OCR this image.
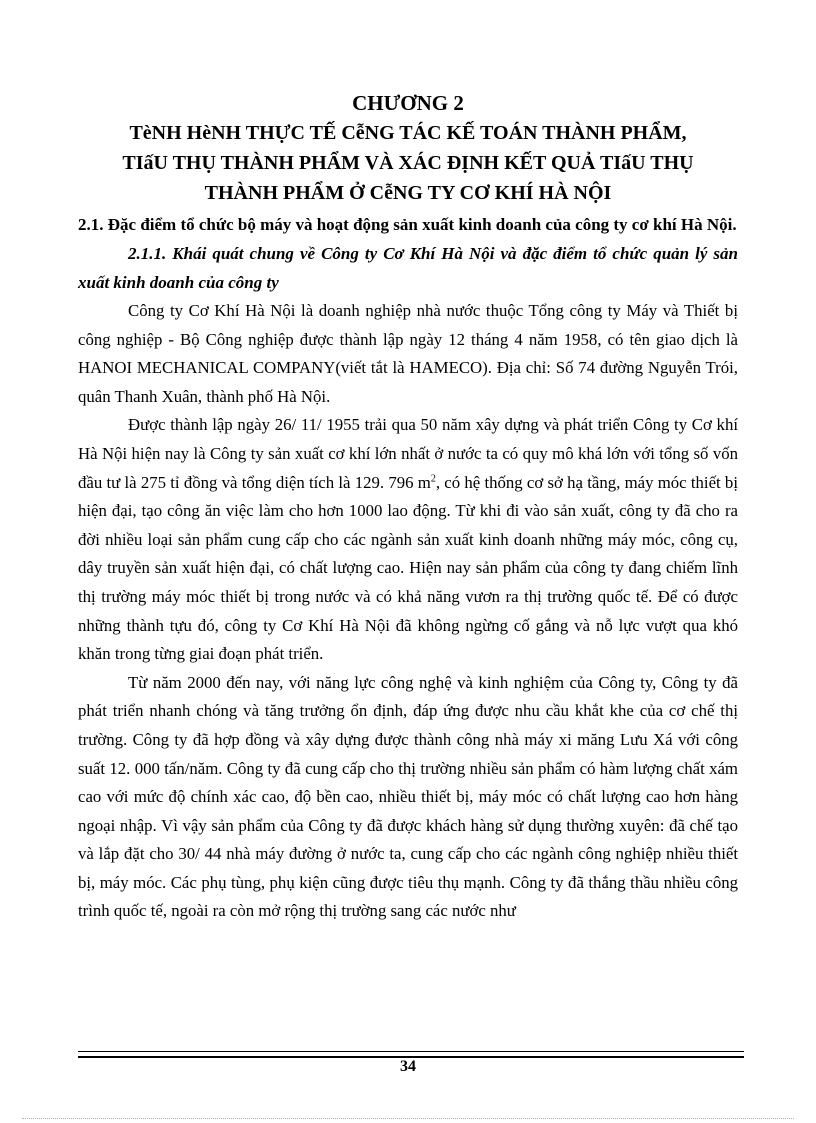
CHƯƠNG 2

TèNH HèNH THỰC TẾ CễNG TÁC KẾ TOÁN THÀNH PHẨM,
TIấU THỤ THÀNH PHẨM VÀ XÁC ĐỊNH KẾT QUẢ TIấU THỤ
THÀNH PHẨM Ở CễNG TY CƠ KHÍ HÀ NỘI

2.1. Đặc điểm tổ chức bộ máy và hoạt động sản xuất kinh doanh của công ty cơ khí Hà Nội.

2.1.1. Khái quát chung về Công ty Cơ Khí Hà Nội và đặc điểm tổ chức quản lý sản xuất kinh doanh của công ty

Công ty Cơ Khí Hà Nội là doanh nghiệp nhà nước thuộc Tổng công ty Máy và Thiết bị công nghiệp - Bộ Công nghiệp được thành lập ngày 12 tháng 4 năm 1958, có tên giao dịch là HANOI MECHANICAL COMPANY(viết tắt là HAMECO). Địa chỉ: Số 74 đường Nguyễn Trói, quân Thanh Xuân, thành phố Hà Nội.

Được thành lập ngày 26/ 11/ 1955 trải qua 50 năm xây dựng và phát triển Công ty Cơ khí Hà Nội hiện nay là Công ty sản xuất cơ khí lớn nhất ở nước ta có quy mô khá lớn với tổng số vốn đầu tư là 275 tỉ đồng và tổng diện tích là 129. 796 $m^2$, có hệ thống cơ sở hạ tầng, máy móc thiết bị hiện đại, tạo công ăn việc làm cho hơn 1000 lao động. Từ khi đi vào sản xuất, công ty đã cho ra đời nhiều loại sản phẩm cung cấp cho các ngành sản xuất kinh doanh những máy móc, công cụ, dây truyền sản xuất hiện đại, có chất lượng cao. Hiện nay sản phẩm của công ty đang chiếm lĩnh thị trường máy móc thiết bị trong nước và có khả năng vươn ra thị trường quốc tế. Để có được những thành tựu đó, công ty Cơ Khí Hà Nội đã không ngừng cố gắng và nỗ lực vượt qua khó khăn trong từng giai đoạn phát triển.

Từ năm 2000 đến nay, với năng lực công nghệ và kinh nghiệm của Công ty, Công ty đã phát triển nhanh chóng và tăng trưởng ổn định, đáp ứng được nhu cầu khắt khe của cơ chế thị trường. Công ty đã hợp đồng và xây dựng được thành công nhà máy xi măng Lưu Xá với công suất 12. 000 tấn/năm. Công ty đã cung cấp cho thị trường nhiều sản phẩm có hàm lượng chất xám cao với mức độ chính xác cao, độ bền cao, nhiều thiết bị, máy móc có chất lượng cao hơn hàng ngoại nhập. Vì vậy sản phẩm của Công ty đã được khách hàng sử dụng thường xuyên: đã chế tạo và lắp đặt cho 30/ 44 nhà máy đường ở nước ta, cung cấp cho các ngành công nghiệp nhiều thiết bị, máy móc. Các phụ tùng, phụ kiện cũng được tiêu thụ mạnh. Công ty đã thắng thầu nhiều công trình quốc tế, ngoài ra còn mở rộng thị trường sang các nước như

34
